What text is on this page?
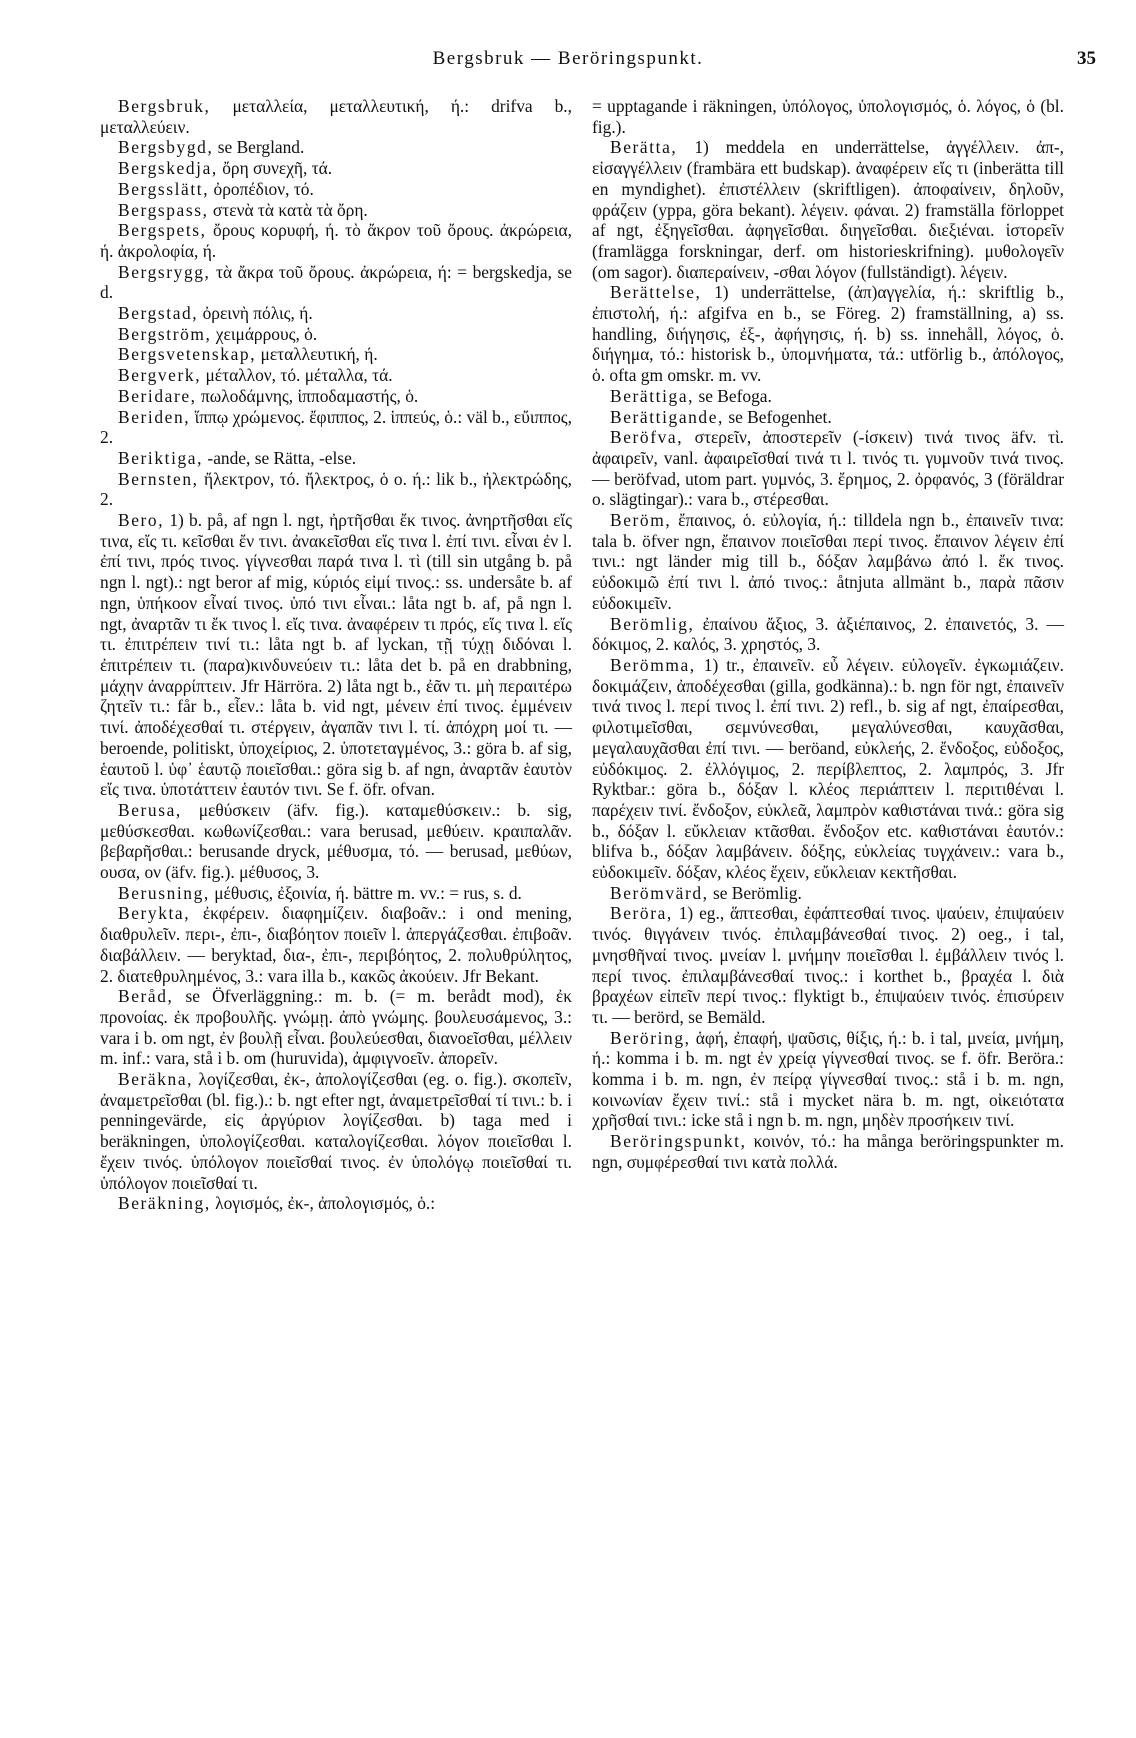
Bergsbruk — Beröringspunkt.	35

Bergsbruk, μεταλλεία, μεταλλευτική, ή.: drifva b., μεταλλεύειν.

Bergsbygd, se Bergland.

Bergskedja, ὄρη συνεχῆ, τά.

Bergsslätt, ὀροπέδιον, τό.

Bergspass, στενὰ τὰ κατὰ τὰ ὄρη.

Bergspets, ὄρους κορυφή, ή. τὸ ἄκρον τοῦ ὄρους. ἀκρώρεια, ή. ἀκρολοφία, ή.

Bergsrygg, τὰ ἄκρα τοῦ ὄρους. ἀκρώρεια, ή: = bergskedja, se d.

Bergstad, ὀρεινὴ πόλις, ή.

Bergström, χειμάρρους, ὁ.

Bergsvetenskap, μεταλλευτική, ή.

Bergverk, μέταλλον, τό. μέταλλα, τά.

Beridare, πωλοδάμνης, ἱπποδαμαστής, ὁ.

Beriden, ἵππῳ χρώμενος. ἔφιππος, 2. ἱππεύς, ὁ.: väl b., εὔιππος, 2.

Beriktiga, -ande, se Rätta, -else.

Bernsten, ἤλεκτρον, τό. ἤλεκτρος, ὁ o. ή.: lik b., ἠλεκτρώδης, 2.

Bero, 1) b. på, af ngn l. ngt, ἠρτῆσθαι ἔκ τινος. ἀνηρτῆσθαι εἴς τινα, εἴς τι. κεῖσθαι ἔν τινι. ἀνακεῖσθαι εἴς τινα l. ἐπί τινι. εἶναι ἐν l. ἐπί τινι, πρός τινος. γίγνεσθαι παρά τινα l. τὶ (till sin utgång b. på ngn l. ngt).: ngt beror af mig, κύριός εἰμί τινος.: ss. undersåte b. af ngn, ὑπήκοον εἶναί τινος. ὑπό τινι εἶναι.: låta ngt b. af, på ngn l. ngt, ἀναρτᾶν τι ἔκ τινος l. εἴς τινα. ἀναφέρειν τι πρός, εἴς τινα l. εἴς τι. ἐπιτρέπειν τινί τι.: låta ngt b. af lyckan, τῇ τύχῃ διδόναι l. ἐπιτρέπειν τι. (παρα)κινδυνεύειν τι.: låta det b. på en drabbning, μάχην ἀναρρίπτειν. Jfr Härröra. 2) låta ngt b., ἐᾶν τι. μὴ περαιτέρω ζητεῖν τι.: får b., εἶεν.: låta b. vid ngt, μένειν ἐπί τινος. ἐμμένειν τινί. ἀποδέχεσθαί τι. στέργειν, ἀγαπᾶν τινι l. τί. ἀπόχρη μοί τι. — beroende, politiskt, ὑποχείριος, 2. ὑποτεταγμένος, 3.: göra b. af sig, ἑαυτοῦ l. ὑφ᾿ ἑαυτῷ ποιεῖσθαι.: göra sig b. af ngn, ἀναρτᾶν ἑαυτὸν εἴς τινα. ὑποτάττειν ἑαυτόν τινι. Se f. öfr. ofvan.

Berusa, μεθύσκειν (äfv. fig.). καταμεθύσκειν.: b. sig, μεθύσκεσθαι. κωθωνίζεσθαι.: vara berusad, μεθύειν. κραιπαλᾶν. βεβαρῆσθαι.: berusande dryck, μέθυσμα, τό. — berusad, μεθύων, ουσα, ον (äfv. fig.). μέθυσος, 3.

Berusning, μέθυσις, ἐξοινία, ή. bättre m. vv.: = rus, s. d.

Berykta, ἐκφέρειν. διαφημίζειν. διαβοᾶν.: i ond mening, διαθρυλεῖν. περι-, ἐπι-, διαβόητον ποιεῖν l. ἀπεργάζεσθαι. ἐπιβοᾶν. διαβάλλειν. — beryktad, δια-, ἐπι-, περιβόητος, 2. πολυθρύλητος, 2. διατεθρυλημένος, 3.: vara illa b., κακῶς ἀκούειν. Jfr Bekant.

Beråd, se Öfverläggning.: m. b. (= m. berådt mod), ἐκ προνοίας. ἐκ προβουλῆς. γνώμῃ. ἀπὸ γνώμης. βουλευσάμενος, 3.: vara i b. om ngt, ἐν βουλῇ εἶναι. βουλεύεσθαι, διανοεῖσθαι, μέλλειν m. inf.: vara, stå i b. om (huruvida), ἀμφιγνοεῖν. ἀπορεῖν.

Beräkna, λογίζεσθαι, ἐκ-, ἀπολογίζεσθαι (eg. o. fig.). σκοπεῖν, ἀναμετρεῖσθαι (bl. fig.).: b. ngt efter ngt, ἀναμετρεῖσθαί τί τινι.: b. i penningevärde, εἰς ἀργύριον λογίζεσθαι. b) taga med i beräkningen, ὑπολογίζεσθαι. καταλογίζεσθαι. λόγον ποιεῖσθαι l. ἔχειν τινός. ὑπόλογον ποιεῖσθαί τινος. ἐν ὑπολόγῳ ποιεῖσθαί τι. ὑπόλογον ποιεῖσθαί τι.

Beräkning, λογισμός, ἐκ-, ἀπολογισμός, ὁ.:

= upptagande i räkningen, ὑπόλογος, ὑπολογισμός, ὁ. λόγος, ὁ (bl. fig.).

Berätta, 1) meddela en underrättelse, ἀγγέλλειν. ἀπ-, εἰσαγγέλλειν (frambära ett budskap). ἀναφέρειν εἴς τι (inberätta till en myndighet). ἐπιστέλλειν (skriftligen). ἀποφαίνειν, δηλοῦν, φράζειν (yppa, göra bekant). λέγειν. φάναι. 2) framställa förloppet af ngt, ἐξηγεῖσθαι. ἀφηγεῖσθαι. διηγεῖσθαι. διεξιέναι. ἱστορεῖν (framlägga forskningar, derf. om historieskrifning). μυθολογεῖν (om sagor). διαπεραίνειν, -σθαι λόγον (fullständigt). λέγειν.

Berättelse, 1) underrättelse, (ἀπ)αγγελία, ή.: skriftlig b., ἐπιστολή, ή.: afgifva en b., se Föreg. 2) framställning, a) ss. handling, διήγησις, ἐξ-, ἀφήγησις, ή. b) ss. innehåll, λόγος, ὁ. διήγημα, τό.: historisk b., ὑπομνήματα, τά.: utförlig b., ἀπόλογος, ὁ. ofta gm omskr. m. vv.

Berättiga, se Befoga.

Berättigande, se Befogenhet.

Beröfva, στερεῖν, ἀποστερεῖν (-ίσκειν) τινά τινος äfv. τὶ. ἀφαιρεῖν, vanl. ἀφαιρεῖσθαί τινά τι l. τινός τι. γυμνοῦν τινά τινος. — beröfvad, utom part. γυμνός, 3. ἔρημος, 2. ὀρφανός, 3 (föräldrar o. slägtingar).: vara b., στέρεσθαι.

Beröm, ἔπαινος, ὁ. εὐλογία, ή.: tilldela ngn b., ἐπαινεῖν τινα: tala b. öfver ngn, ἔπαινον ποιεῖσθαι περί τινος. ἔπαινον λέγειν ἐπί τινι.: ngt länder mig till b., δόξαν λαμβάνω ἀπό l. ἔκ τινος. εὐδοκιμῶ ἐπί τινι l. ἀπό τινος.: åtnjuta allmänt b., παρὰ πᾶσιν εὐδοκιμεῖν.

Berömlig, ἐπαίνου ἄξιος, 3. ἀξιέπαινος, 2. ἐπαινετός, 3. — δόκιμος, 2. καλός, 3. χρηστός, 3.

Berömma, 1) tr., ἐπαινεῖν. εὖ λέγειν. εὐλογεῖν. ἐγκωμιάζειν. δοκιμάζειν, ἀποδέχεσθαι (gilla, godkänna).: b. ngn för ngt, ἐπαινεῖν τινά τινος l. περί τινος l. ἐπί τινι. 2) refl., b. sig af ngt, ἐπαίρεσθαι, φιλοτιμεῖσθαι, σεμνύνεσθαι, μεγαλύνεσθαι, καυχᾶσθαι, μεγαλαυχᾶσθαι ἐπί τινι. — beröand, εὐκλεής, 2. ἔνδοξος, εὐδοξος, εὐδόκιμος. 2. ἐλλόγιμος, 2. περίβλεπτος, 2. λαμπρός, 3. Jfr Ryktbar.: göra b., δόξαν l. κλέος περιάπτειν l. περιτιθέναι l. παρέχειν τινί. ἔνδοξον, εὐκλεᾶ, λαμπρὸν καθιστάναι τινά.: göra sig b., δόξαν l. εὔκλειαν κτᾶσθαι. ἔνδοξον etc. καθιστάναι ἑαυτόν.: blifva b., δόξαν λαμβάνειν. δόξης, εὐκλείας τυγχάνειν.: vara b., εὐδοκιμεῖν. δόξαν, κλέος ἔχειν, εὔκλειαν κεκτῆσθαι.

Berömvärd, se Berömlig.

Beröra, 1) eg., ἅπτεσθαι, ἐφάπτεσθαί τινος. ψαύειν, ἐπιψαύειν τινός. θιγγάνειν τινός. ἐπιλαμβάνεσθαί τινος. 2) oeg., i tal, μνησθῆναί τινος. μνείαν l. μνήμην ποιεῖσθαι l. ἐμβάλλειν τινός l. περί τινος. ἐπιλαμβάνεσθαί τινος.: i korthet b., βραχέα l. διὰ βραχέων εἰπεῖν περί τινος.: flyktigt b., ἐπιψαύειν τινός. ἐπισύρειν τι. — berörd, se Bemäld.

Beröring, ἁφή, ἐπαφή, ψαῦσις, θίξις, ή.: b. i tal, μνεία, μνήμη, ή.: komma i b. m. ngt ἐν χρείᾳ γίγνεσθαί τινος. se f. öfr. Beröra.: komma i b. m. ngn, ἐν πείρᾳ γίγνεσθαί τινος.: stå i b. m. ngn, κοινωνίαν ἔχειν τινί.: stå i mycket nära b. m. ngt, οἰκειότατα χρῆσθαί τινι.: icke stå i ngn b. m. ngn, μηδὲν προσήκειν τινί.

Beröringspunkt, κοινόν, τό.: ha många beröringspunkter m. ngn, συμφέρεσθαί τινι κατὰ πολλά.
